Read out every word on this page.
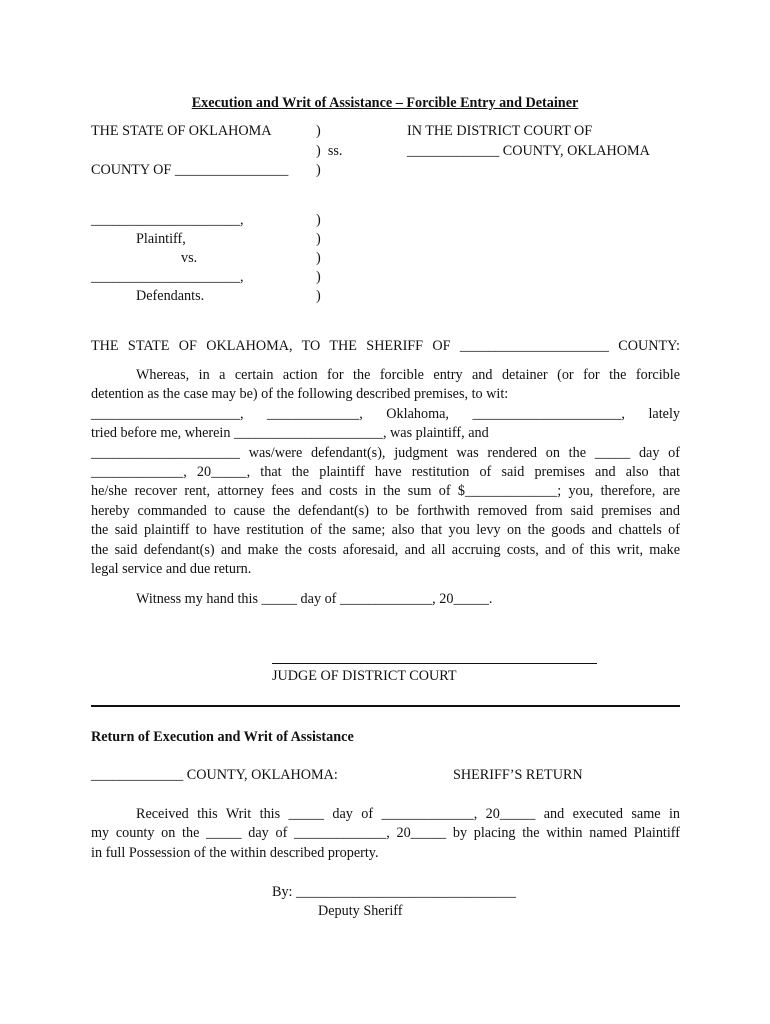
Execution and Writ of Assistance – Forcible Entry and Detainer
THE STATE OF OKLAHOMA
COUNTY OF ________________
)
)  ss.
)
IN THE DISTRICT COURT OF
_____________ COUNTY, OKLAHOMA
_____________________,
Plaintiff,
vs.
_____________________,
Defendants.
)
)
)
)
)
THE STATE OF OKLAHOMA, TO THE SHERIFF OF _____________________ COUNTY:
Whereas, in a certain action for the forcible entry and detainer (or for the forcible
detention as the case may be) of the following described premises, to wit:
_____________________, _____________, Oklahoma, _____________________, lately
tried before me, wherein _____________________, was plaintiff, and
_____________________ was/were defendant(s), judgment was rendered on the _____ day of
_____________, 20_____, that the plaintiff have restitution of said premises and also that
he/she recover rent, attorney fees and costs in the sum of $_____________; you, therefore, are
hereby commanded to cause the defendant(s) to be forthwith removed from said premises and
the said plaintiff to have restitution of the same; also that you levy on the goods and chattels of
the said defendant(s) and make the costs aforesaid, and all accruing costs, and of this writ, make
legal service and due return.
Witness my hand this _____ day of _____________, 20_____.
JUDGE OF DISTRICT COURT
Return of Execution and Writ of Assistance
_____________ COUNTY, OKLAHOMA:	SHERIFF’S RETURN
Received this Writ this _____ day of _____________, 20_____ and executed same in
my county on the _____ day of _____________, 20_____ by placing the within named Plaintiff
in full Possession of the within described property.
By: _______________________________
Deputy Sheriff
